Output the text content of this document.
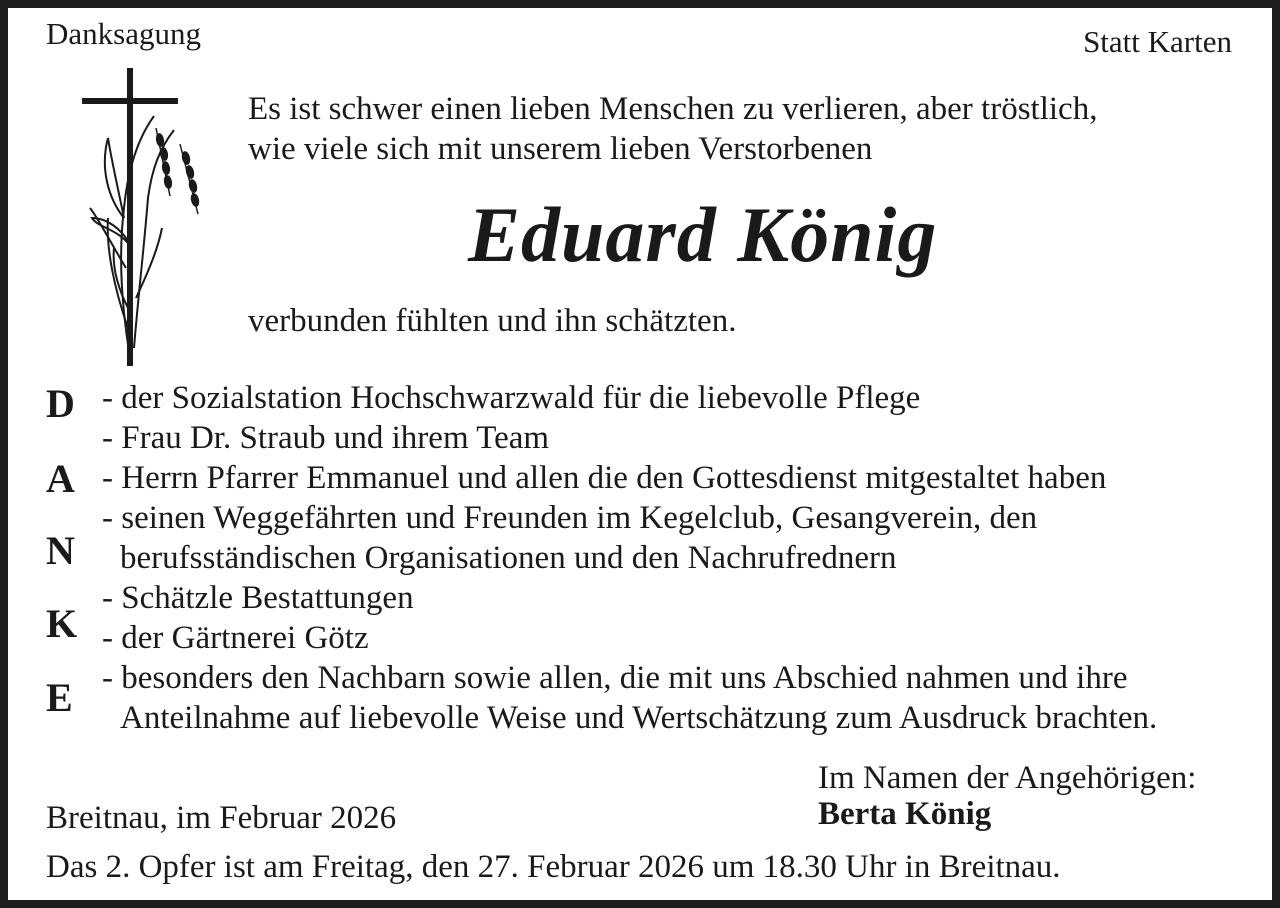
Danksagung	Statt Karten
Es ist schwer einen lieben Menschen zu verlieren, aber tröstlich,
wie viele sich mit unserem lieben Verstorbenen
Eduard König
verbunden fühlten und ihn schätzten.
D
A
N
K
E
- der Sozialstation Hochschwarzwald für die liebevolle Pflege
- Frau Dr. Straub und ihrem Team
- Herrn Pfarrer Emmanuel und allen die den Gottesdienst mitgestaltet haben
- seinen Weggefährten und Freunden im Kegelclub, Gesangverein, den
berufsständischen Organisationen und den Nachrufrednern
- Schätzle Bestattungen
- der Gärtnerei Götz
- besonders den Nachbarn sowie allen, die mit uns Abschied nahmen und ihre
Anteilnahme auf liebevolle Weise und Wertschätzung zum Ausdruck brachten.
Im Namen der Angehörigen:
Berta König
Breitnau, im Februar 2026
Das 2. Opfer ist am Freitag, den 27. Februar 2026 um 18.30 Uhr in Breitnau.
